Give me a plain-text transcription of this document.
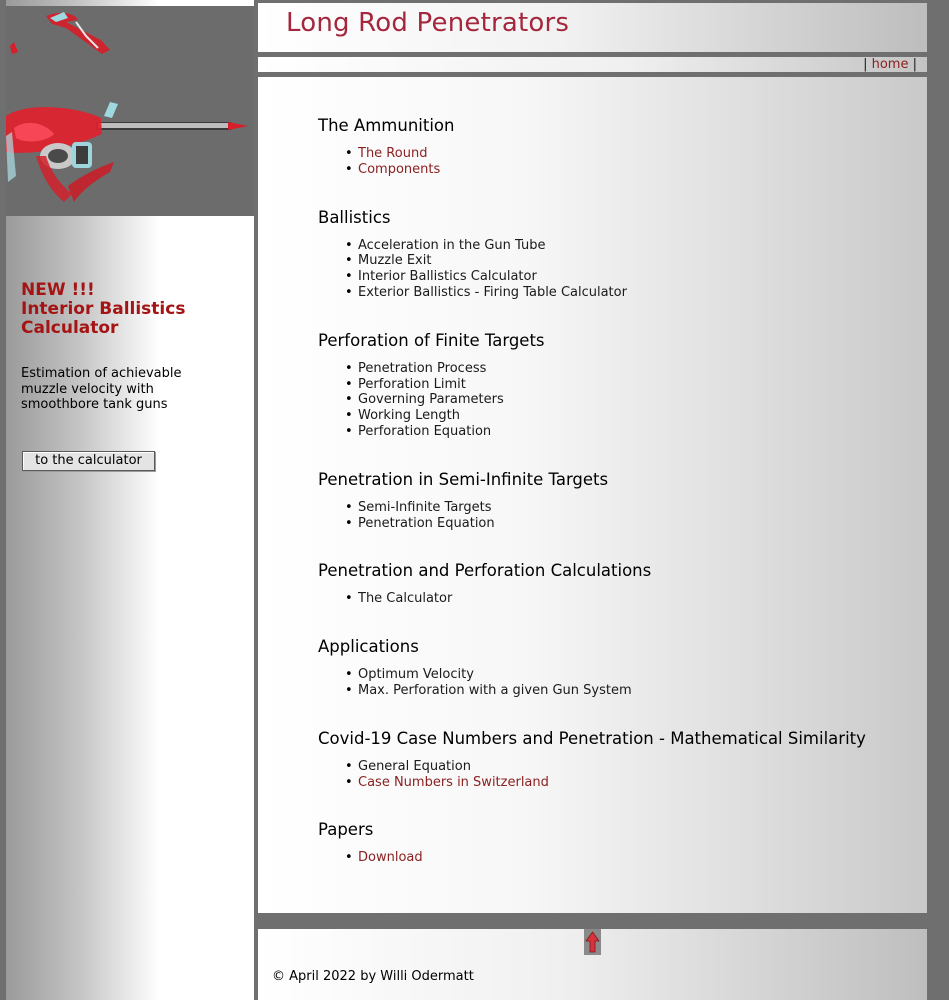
NEW !!!
Interior Ballistics
Calculator
Estimation of achievable muzzle velocity with smoothbore tank guns
to the calculator
Long Rod Penetrators
| home |
The Ammunition
• The Round
• Components
Ballistics
• Acceleration in the Gun Tube
• Muzzle Exit
• Interior Ballistics Calculator
• Exterior Ballistics - Firing Table Calculator
Perforation of Finite Targets
• Penetration Process
• Perforation Limit
• Governing Parameters
• Working Length
• Perforation Equation
Penetration in Semi-Infinite Targets
• Semi-Infinite Targets
• Penetration Equation
Penetration and Perforation Calculations
• The Calculator
Applications
• Optimum Velocity
• Max. Perforation with a given Gun System
Covid-19 Case Numbers and Penetration - Mathematical Similarity
• General Equation
• Case Numbers in Switzerland
Papers
• Download
© April 2022 by Willi Odermatt
